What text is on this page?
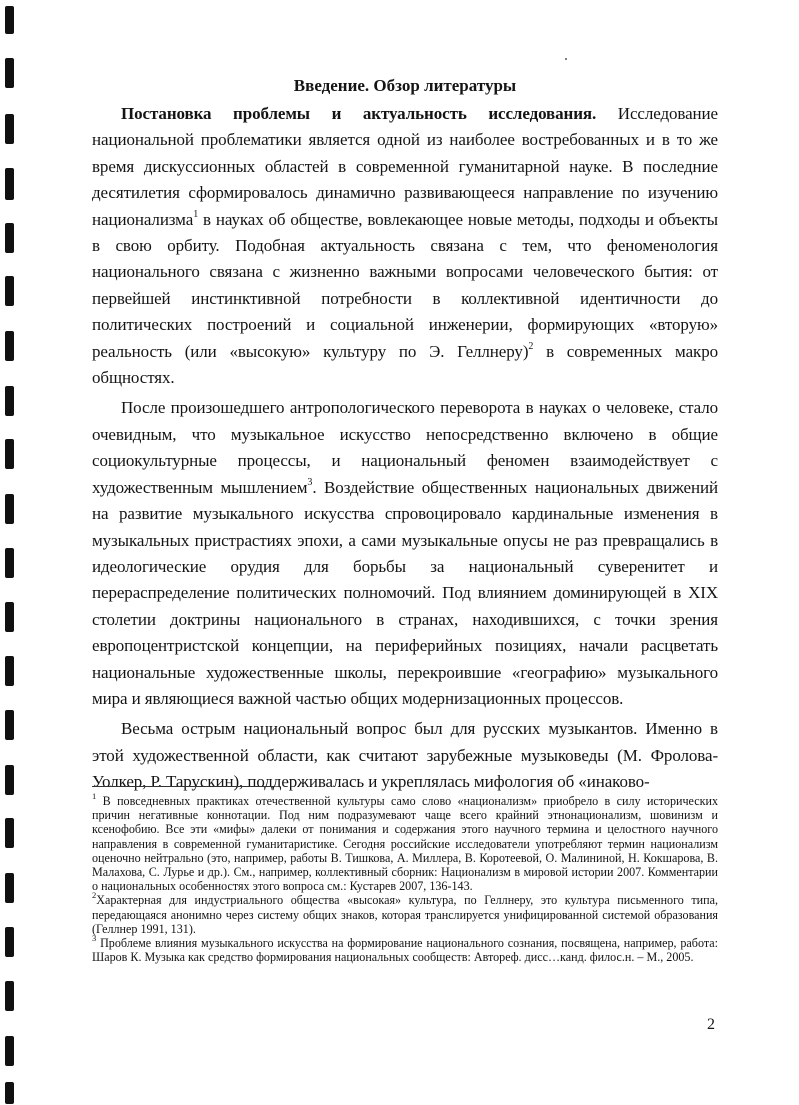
Введение. Обзор литературы

Постановка проблемы и актуальность исследования. Исследование национальной проблематики является одной из наиболее востребованных и в то же время дискуссионных областей в современной гуманитарной науке. В последние десятилетия сформировалось динамично развивающееся направление по изучению национализма$^1$ в науках об обществе, вовлекающее новые методы, подходы и объекты в свою орбиту. Подобная актуальность связана с тем, что феноменология национального связана с жизненно важными вопросами человеческого бытия: от первейшей инстинктивной потребности в коллективной идентичности до политических построений и социальной инженерии, формирующих «вторую» реальность (или «высокую» культуру по Э. Геллнеру)$^2$ в современных макро общностях.

После произошедшего антропологического переворота в науках о человеке, стало очевидным, что музыкальное искусство непосредственно включено в общие социокультурные процессы, и национальный феномен взаимодействует с художественным мышлением$^3$. Воздействие общественных национальных движений на развитие музыкального искусства спровоцировало кардинальные изменения в музыкальных пристрастиях эпохи, а сами музыкальные опусы не раз превращались в идеологические орудия для борьбы за национальный суверенитет и перераспределение политических полномочий. Под влиянием доминирующей в XIX столетии доктрины национального в странах, находившихся, с точки зрения европоцентристской концепции, на периферийных позициях, начали расцветать национальные художественные школы, перекроившие «географию» музыкального мира и являющиеся важной частью общих модернизационных процессов.

Весьма острым национальный вопрос был для русских музыкантов. Именно в этой художественной области, как считают зарубежные музыковеды (М. Фролова-Уолкер, Р. Тарускин), поддерживалась и укреплялась мифология об «инаково-

$^1$ В повседневных практиках отечественной культуры само слово «национализм» приобрело в силу исторических причин негативные коннотации. Под ним подразумевают чаще всего крайний этнонационализм, шовинизм и ксенофобию. Все эти «мифы» далеки от понимания и содержания этого научного термина и целостного научного направления в современной гуманитаристике. Сегодня российские исследователи употребляют термин национализм оценочно нейтрально (это, например, работы В. Тишкова, А. Миллера, В. Коротеевой, О. Малининой, Н. Кокшарова, В. Малахова, С. Лурье и др.). См., например, коллективный сборник: Национализм в мировой истории 2007. Комментарии о национальных особенностях этого вопроса см.: Кустарев 2007, 136-143.

$^2$Характерная для индустриального общества «высокая» культура, по Геллнеру, это культура письменного типа, передающаяся анонимно через систему общих знаков, которая транслируется унифицированной системой образования (Геллнер 1991, 131).

$^3$ Проблеме влияния музыкального искусства на формирование национального сознания, посвящена, например, работа: Шаров К. Музыка как средство формирования национальных сообществ: Автореф. дисс…канд. филос.н. – М., 2005.

2
